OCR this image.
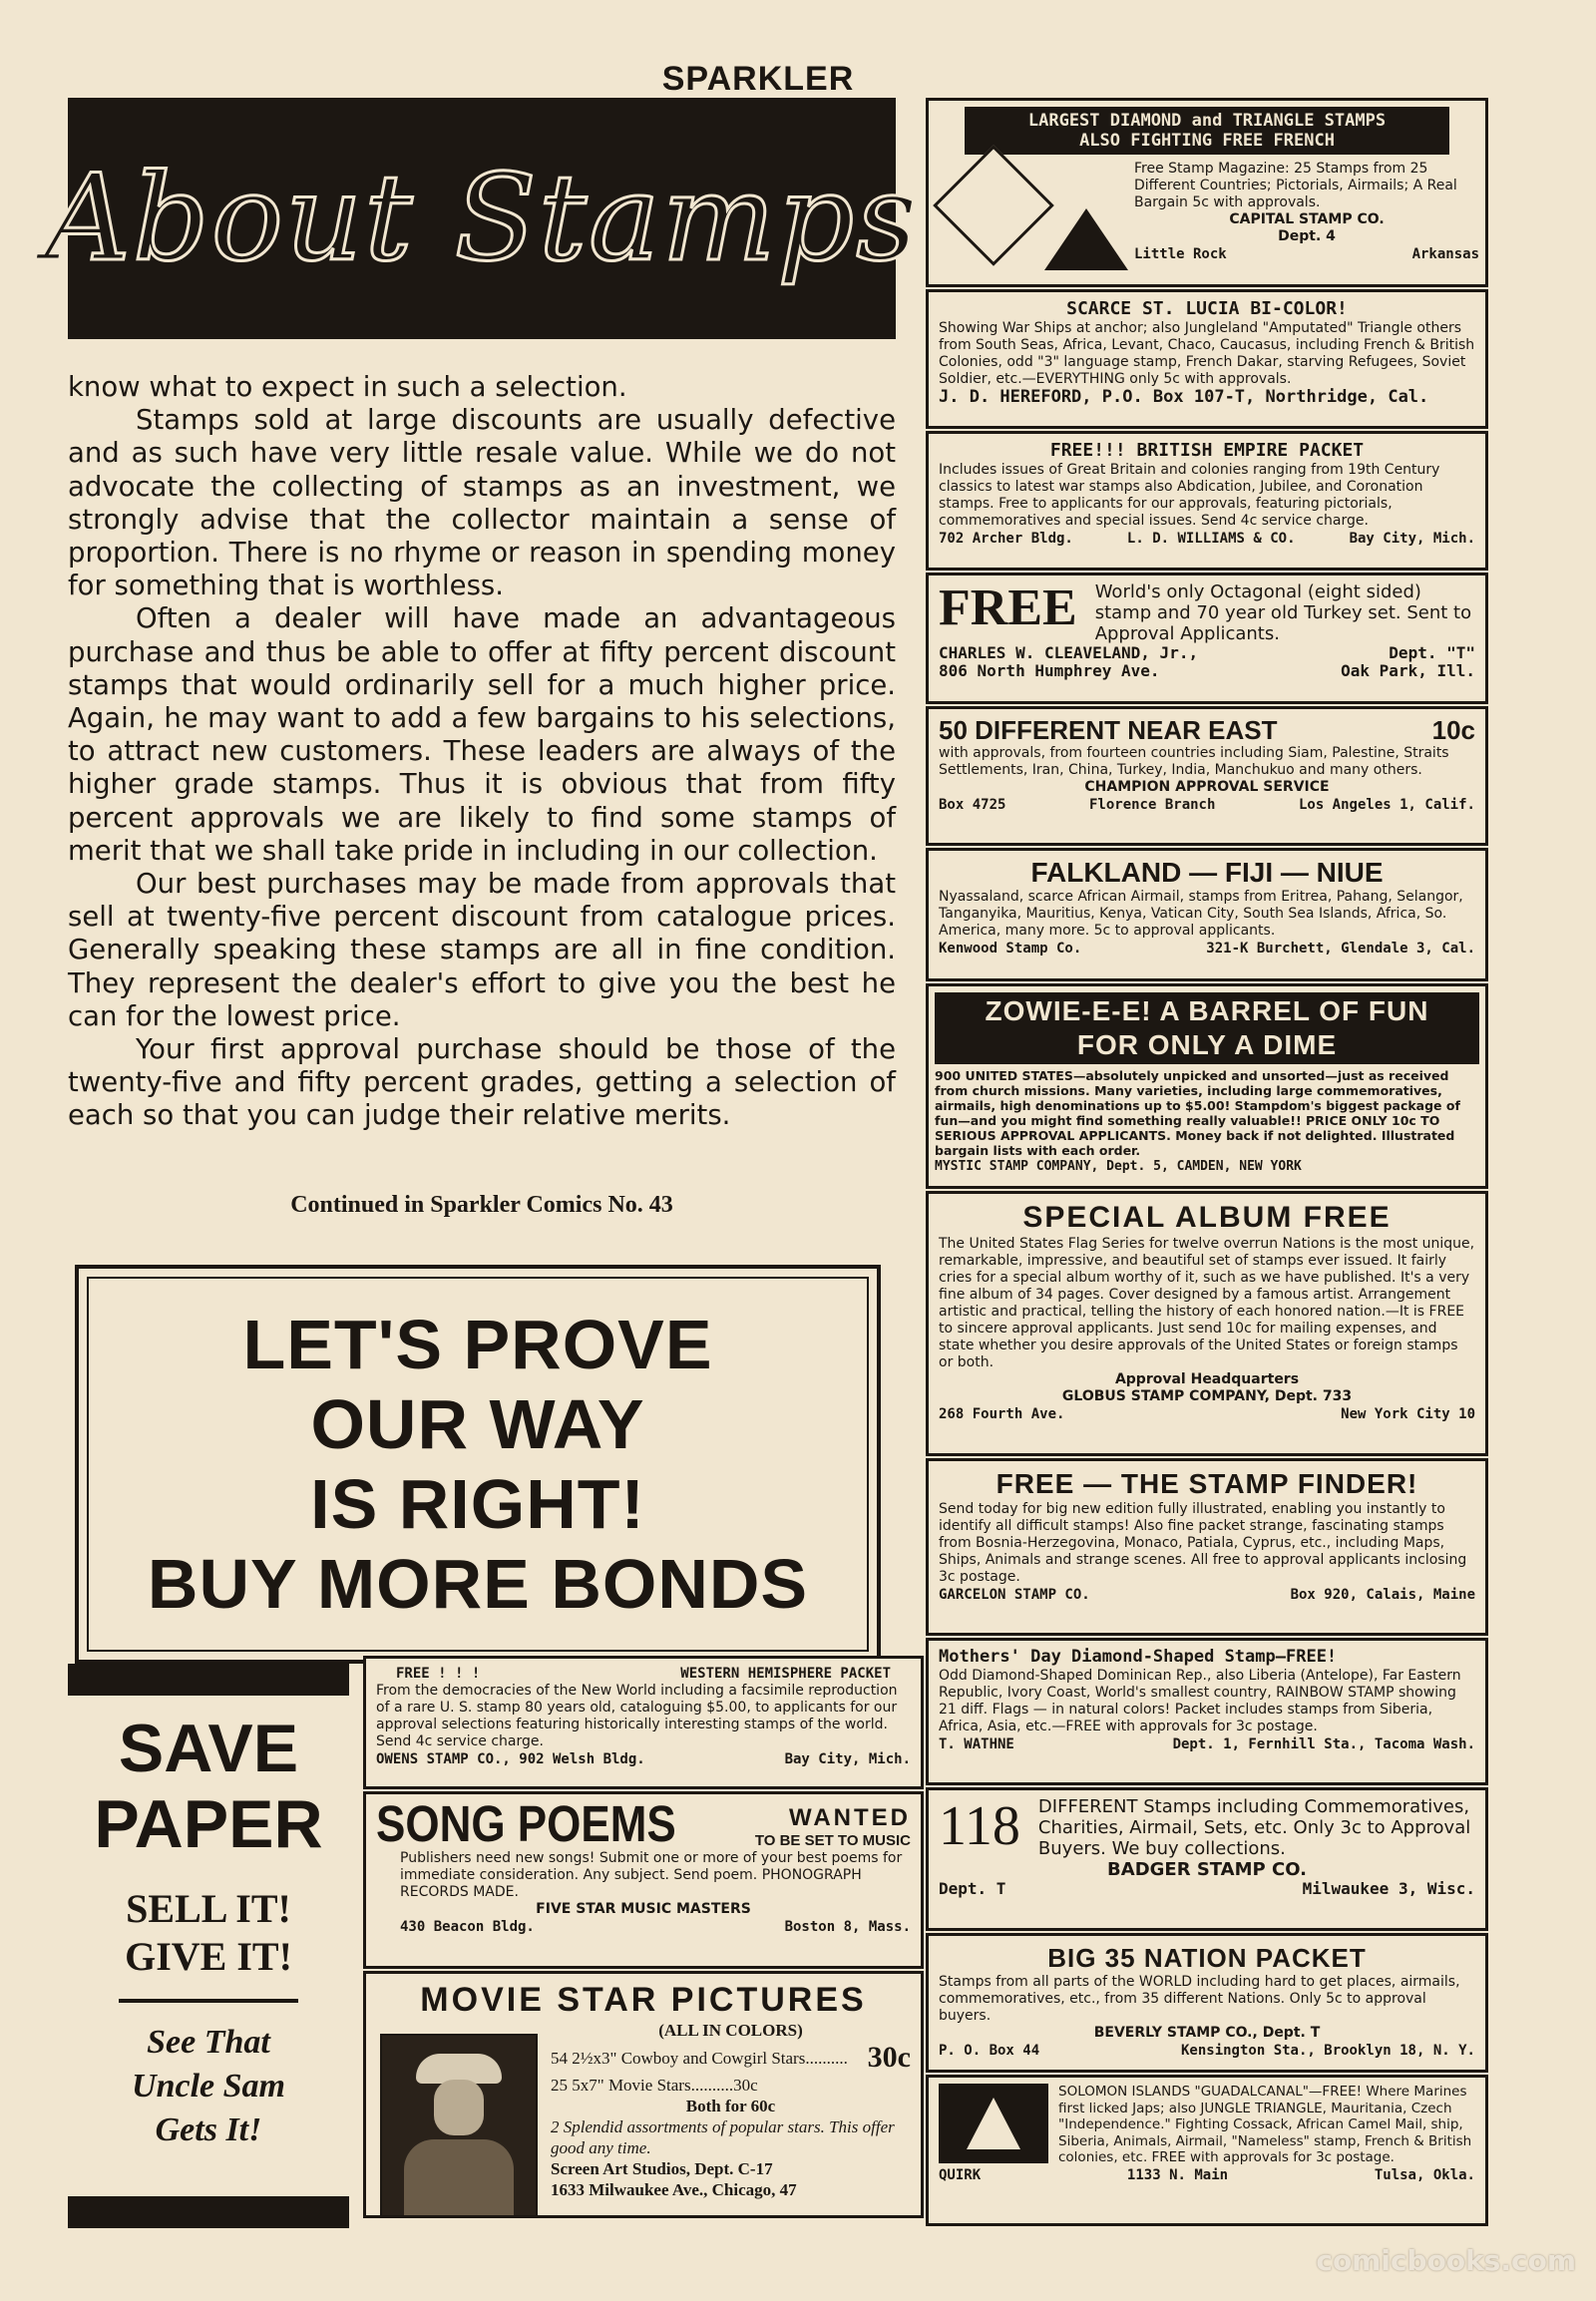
SPARKLER
About Stamps

know what to expect in such a selection.

Stamps sold at large discounts are usually defective and as such have very little resale value. While we do not advocate the collecting of stamps as an investment, we strongly advise that the collector maintain a sense of proportion. There is no rhyme or reason in spending money for something that is worthless.

Often a dealer will have made an advantageous purchase and thus be able to offer at fifty percent discount stamps that would ordinarily sell for a much higher price. Again, he may want to add a few bargains to his selections, to attract new customers. These leaders are always of the higher grade stamps. Thus it is obvious that from fifty percent approvals we are likely to find some stamps of merit that we shall take pride in including in our collection.

Our best purchases may be made from approvals that sell at twenty-five percent discount from catalogue prices. Generally speaking these stamps are all in fine condition. They represent the dealer's effort to give you the best he can for the lowest price.

Your first approval purchase should be those of the twenty-five and fifty percent grades, getting a selection of each so that you can judge their relative merits.

Continued in Sparkler Comics No. 43
LET'S PROVE
OUR WAY
IS RIGHT!
BUY MORE BONDS
SAVE
PAPER
SELL IT!
GIVE IT!
See That
Uncle Sam
Gets It!
LARGEST DIAMOND and TRIANGLE STAMPS
ALSO FIGHTING FREE FRENCH

Free Stamp Magazine: 25 Stamps from 25 Different Countries; Pictorials, Airmails; A Real Bargain 5c with approvals.

CAPITAL STAMP CO.

Dept. 4

Little Rock	Arkansas
SCARCE ST. LUCIA BI-COLOR!

Showing War Ships at anchor; also Jungleland "Amputated" Triangle others from South Seas, Africa, Levant, Chaco, Caucasus, including French & British Colonies, odd "3" language stamp, French Dakar, starving Refugees, Soviet Soldier, etc.—EVERYTHING only 5c with approvals.

J. D. HEREFORD, P.O. Box 107-T, Northridge, Cal.
FREE!!! BRITISH EMPIRE PACKET

Includes issues of Great Britain and colonies ranging from 19th Century classics to latest war stamps also Abdication, Jubilee, and Coronation stamps. Free to applicants for our approvals, featuring pictorials, commemoratives and special issues. Send 4c service charge.

702 Archer Bldg.	L. D. WILLIAMS & CO.	Bay City, Mich.
FREE	World's only Octagonal (eight sided) stamp and 70 year old Turkey set. Sent to Approval Applicants.

CHARLES W. CLEAVELAND, Jr.,	Dept. "T"
806 North Humphrey Ave.	Oak Park, Ill.
50 DIFFERENT NEAR EAST	10c

with approvals, from fourteen countries including Siam, Palestine, Straits Settlements, Iran, China, Turkey, India, Manchukuo and many others.

CHAMPION APPROVAL SERVICE

Box 4725	Florence Branch	Los Angeles 1, Calif.
FALKLAND — FIJI — NIUE

Nyassaland, scarce African Airmail, stamps from Eritrea, Pahang, Selangor, Tanganyika, Mauritius, Kenya, Vatican City, South Sea Islands, Africa, So. America, many more. 5c to approval applicants.

Kenwood Stamp Co.	321-K Burchett, Glendale 3, Cal.
ZOWIE-E-E! A BARREL OF FUN
FOR ONLY A DIME

900 UNITED STATES—absolutely unpicked and unsorted—just as received from church missions. Many varieties, including large commemoratives, airmails, high denominations up to $5.00! Stampdom's biggest package of fun—and you might find something really valuable!! PRICE ONLY 10c TO SERIOUS APPROVAL APPLICANTS. Money back if not delighted. Illustrated bargain lists with each order.

MYSTIC STAMP COMPANY, Dept. 5, CAMDEN, NEW YORK
SPECIAL ALBUM FREE

The United States Flag Series for twelve overrun Nations is the most unique, remarkable, impressive, and beautiful set of stamps ever issued. It fairly cries for a special album worthy of it, such as we have published. It's a very fine album of 34 pages. Cover designed by a famous artist. Arrangement artistic and practical, telling the history of each honored nation.—It is FREE to sincere approval applicants. Just send 10c for mailing expenses, and state whether you desire approvals of the United States or foreign stamps or both.

Approval Headquarters

GLOBUS STAMP COMPANY, Dept. 733

268 Fourth Ave.	New York City 10
FREE — THE STAMP FINDER!

Send today for big new edition fully illustrated, enabling you instantly to identify all difficult stamps! Also fine packet strange, fascinating stamps from Bosnia-Herzegovina, Monaco, Patiala, Cyprus, etc., including Maps, Ships, Animals and strange scenes. All free to approval applicants inclosing 3c postage.

GARCELON STAMP CO.	Box 920, Calais, Maine
Mothers' Day Diamond-Shaped Stamp—FREE!

Odd Diamond-Shaped Dominican Rep., also Liberia (Antelope), Far Eastern Republic, Ivory Coast, World's smallest country, RAINBOW STAMP showing 21 diff. Flags — in natural colors! Packet includes stamps from Siberia, Africa, Asia, etc.—FREE with approvals for 3c postage.

T. WATHNE	Dept. 1, Fernhill Sta., Tacoma Wash.
118	DIFFERENT Stamps including Commemoratives, Charities, Airmail, Sets, etc. Only 3c to Approval Buyers. We buy collections.

BADGER STAMP CO.

Dept. T	Milwaukee 3, Wisc.
BIG 35 NATION PACKET

Stamps from all parts of the WORLD including hard to get places, airmails, commemoratives, etc., from 35 different Nations. Only 5c to approval buyers.

BEVERLY STAMP CO., Dept. T

P. O. Box 44	Kensington Sta., Brooklyn 18, N. Y.

SOLOMON ISLANDS "GUADALCANAL"—FREE! Where Marines first licked Japs; also JUNGLE TRIANGLE, Mauritania, Czech "Independence." Fighting Cossack, African Camel Mail, ship, Siberia, Animals, Airmail, "Nameless" stamp, French & British colonies, etc. FREE with approvals for 3c postage.

QUIRK	1133 N. Main	Tulsa, Okla.
FREE ! ! !	WESTERN HEMISPHERE PACKET

From the democracies of the New World including a facsimile reproduction of a rare U. S. stamp 80 years old, cataloguing $5.00, to applicants for our approval selections featuring historically interesting stamps of the world. Send 4c service charge.

OWENS STAMP CO., 902 Welsh Bldg.	Bay City, Mich.
SONG POEMS	WANTED
TO BE SET TO MUSIC

Publishers need new songs! Submit one or more of your best poems for immediate consideration. Any subject. Send poem. PHONOGRAPH RECORDS MADE.

FIVE STAR MUSIC MASTERS

430 Beacon Bldg.	Boston 8, Mass.
MOVIE STAR PICTURES
(ALL IN COLORS)
54 2½x3" Cowboy and Cowgirl Stars.......... 30c
25 5x7" Movie Stars..........30c
Both for 60c
2 Splendid assortments of popular stars. This offer good any time.
Screen Art Studios, Dept. C-17
1633 Milwaukee Ave., Chicago, 47
comicbooks.com
